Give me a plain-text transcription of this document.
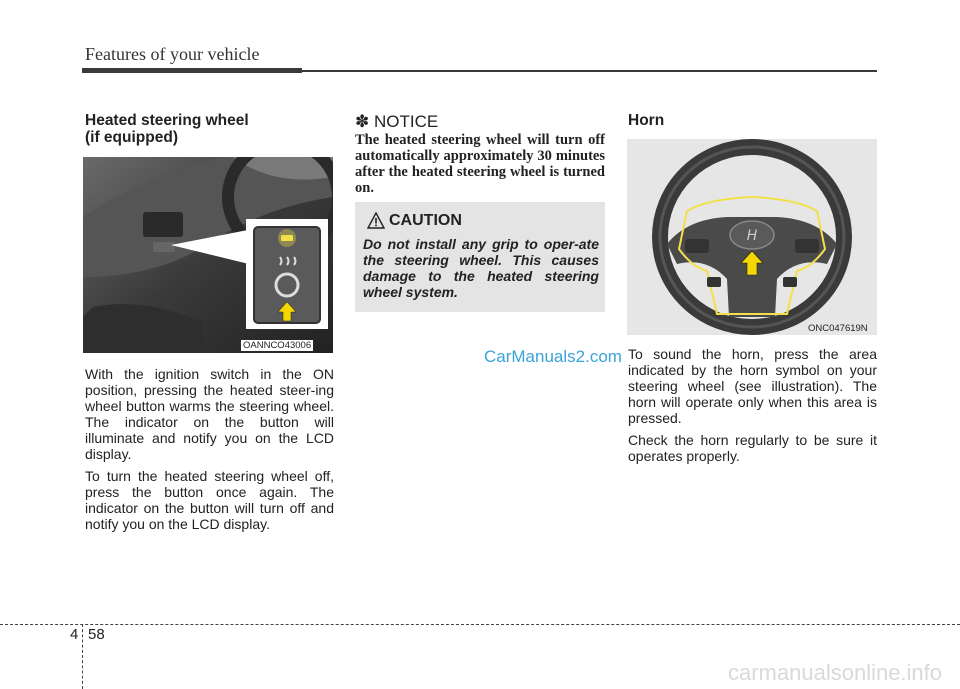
Features of your vehicle
Heated steering wheel
(if equipped)
OANNCO43006

With the ignition switch in the ON position, pressing the heated steer-ing wheel button warms the steering wheel. The indicator on the button will illuminate and notify you on the LCD display.

To turn the heated steering wheel off, press the button once again. The indicator on the button will turn off and notify you on the LCD display.

✽ NOTICE
The heated steering wheel will turn off automatically approximately 30 minutes after the heated steering wheel is turned on.
CAUTION
Do not install any grip to oper-ate the steering wheel. This causes damage to the heated steering wheel system.
CarManuals2.com
Horn
H
ONC047619N

To sound the horn, press the area indicated by the horn symbol on your steering wheel (see illustration). The horn will operate only when this area is pressed.

Check the horn regularly to be sure it operates properly.

4 58
carmanualsonline.info
